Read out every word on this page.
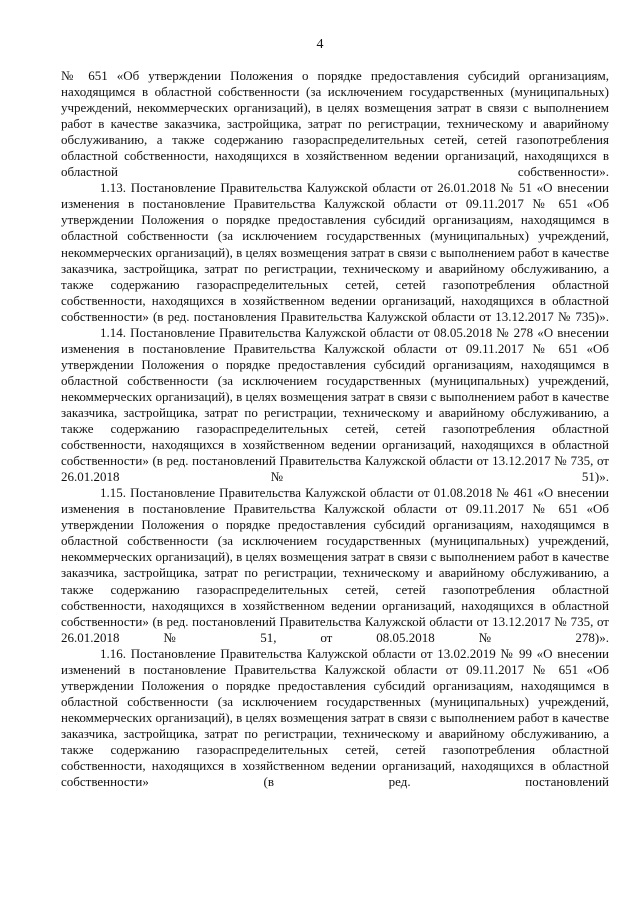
4
№ 651 «Об утверждении Положения о порядке предоставления субсидий организациям, находящимся в областной собственности (за исключением государственных (муниципальных) учреждений, некоммерческих организаций), в целях возмещения затрат в связи с выполнением работ в качестве заказчика, застройщика, затрат по регистрации, техническому и аварийному обслуживанию, а также содержанию газораспределительных сетей, сетей газопотребления областной собственности, находящихся в хозяйственном ведении организаций, находящихся в областной собственности».
1.13. Постановление Правительства Калужской области от 26.01.2018 № 51 «О внесении изменения в постановление Правительства Калужской области от 09.11.2017 № 651 «Об утверждении Положения о порядке предоставления субсидий организациям, находящимся в областной собственности (за исключением государственных (муниципальных) учреждений, некоммерческих организаций), в целях возмещения затрат в связи с выполнением работ в качестве заказчика, застройщика, затрат по регистрации, техническому и аварийному обслуживанию, а также содержанию газораспределительных сетей, сетей газопотребления областной собственности, находящихся в хозяйственном ведении организаций, находящихся в областной собственности» (в ред. постановления Правительства Калужской области от 13.12.2017 № 735)».
1.14. Постановление Правительства Калужской области от 08.05.2018 № 278 «О внесении изменения в постановление Правительства Калужской области от 09.11.2017 № 651 «Об утверждении Положения о порядке предоставления субсидий организациям, находящимся в областной собственности (за исключением государственных (муниципальных) учреждений, некоммерческих организаций), в целях возмещения затрат в связи с выполнением работ в качестве заказчика, застройщика, затрат по регистрации, техническому и аварийному обслуживанию, а также содержанию газораспределительных сетей, сетей газопотребления областной собственности, находящихся в хозяйственном ведении организаций, находящихся в областной собственности» (в ред. постановлений Правительства Калужской области от 13.12.2017 № 735, от 26.01.2018 № 51)».
1.15. Постановление Правительства Калужской области от 01.08.2018 № 461 «О внесении изменения в постановление Правительства Калужской области от 09.11.2017 № 651 «Об утверждении Положения о порядке предоставления субсидий организациям, находящимся в областной собственности (за исключением государственных (муниципальных) учреждений, некоммерческих организаций), в целях возмещения затрат в связи с выполнением работ в качестве заказчика, застройщика, затрат по регистрации, техническому и аварийному обслуживанию, а также содержанию газораспределительных сетей, сетей газопотребления областной собственности, находящихся в хозяйственном ведении организаций, находящихся в областной собственности» (в ред. постановлений Правительства Калужской области от 13.12.2017 № 735, от 26.01.2018 № 51, от 08.05.2018	№ 278)».
1.16. Постановление Правительства Калужской области от 13.02.2019 № 99 «О внесении изменений в постановление Правительства Калужской области от 09.11.2017 № 651 «Об утверждении Положения о порядке предоставления субсидий организациям, находящимся в областной собственности (за исключением государственных (муниципальных) учреждений, некоммерческих организаций), в целях возмещения затрат в связи с выполнением работ в качестве заказчика, застройщика, затрат по регистрации, техническому и аварийному обслуживанию, а также содержанию газораспределительных сетей, сетей газопотребления областной собственности, находящихся в хозяйственном ведении организаций, находящихся в областной собственности» (в ред. постановлений
